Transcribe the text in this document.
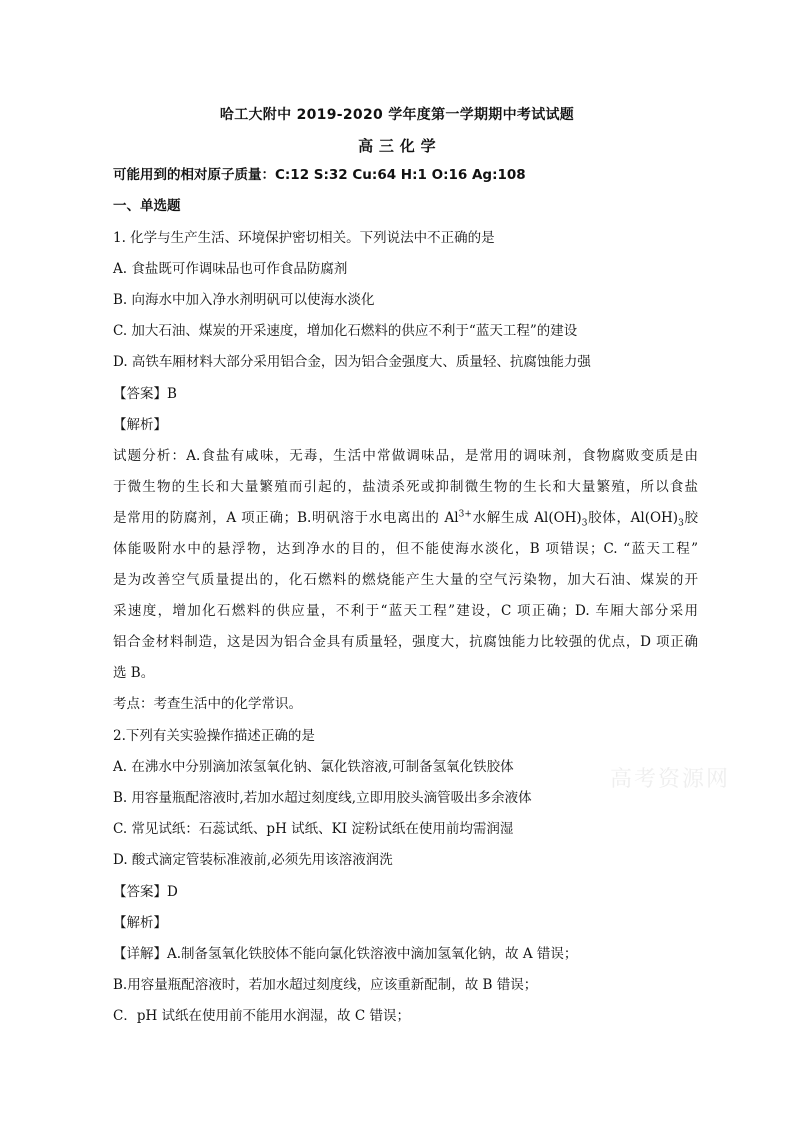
哈工大附中 2019-2020 学年度第一学期期中考试试题
高 三 化 学
可能用到的相对原子质量：C:12 S:32 Cu:64 H:1 O:16 Ag:108
一、单选题
1. 化学与生产生活、环境保护密切相关。下列说法中不正确的是
A. 食盐既可作调味品也可作食品防腐剂
B. 向海水中加入净水剂明矾可以使海水淡化
C. 加大石油、煤炭的开采速度，增加化石燃料的供应不利于“蓝天工程”的建设
D. 高铁车厢材料大部分采用铝合金，因为铝合金强度大、质量轻、抗腐蚀能力强
【答案】B
【解析】
试题分析：A.食盐有咸味，无毒，生活中常做调味品，是常用的调味剂，食物腐败变质是由
于微生物的生长和大量繁殖而引起的，盐渍杀死或抑制微生物的生长和大量繁殖，所以食盐
是常用的防腐剂，A 项正确；B.明矾溶于水电离出的 $Al^{3+}$水解生成 $Al(OH)_3$胶体，$Al(OH)_3$胶
体能吸附水中的悬浮物，达到净水的目的，但不能使海水淡化，B 项错误；C. “蓝天工程”
是为改善空气质量提出的，化石燃料的燃烧能产生大量的空气污染物，加大石油、煤炭的开
采速度，增加化石燃料的供应量，不利于“蓝天工程”建设，C 项正确；D. 车厢大部分采用
铝合金材料制造，这是因为铝合金具有质量轻，强度大，抗腐蚀能力比较强的优点，D 项正确
选 B。
考点：考查生活中的化学常识。
2.下列有关实验操作描述正确的是
A. 在沸水中分别滴加浓氢氧化钠、氯化铁溶液,可制备氢氧化铁胶体
B. 用容量瓶配溶液时,若加水超过刻度线,立即用胶头滴管吸出多余液体
C. 常见试纸：石蕊试纸、pH 试纸、KI 淀粉试纸在使用前均需润湿
D. 酸式滴定管装标准液前,必须先用该溶液润洗
【答案】D
【解析】
【详解】A.制备氢氧化铁胶体不能向氯化铁溶液中滴加氢氧化钠，故 A 错误；
B.用容量瓶配溶液时，若加水超过刻度线，应该重新配制，故 B 错误；
C．pH 试纸在使用前不能用水润湿，故 C 错误；
高考资源网
